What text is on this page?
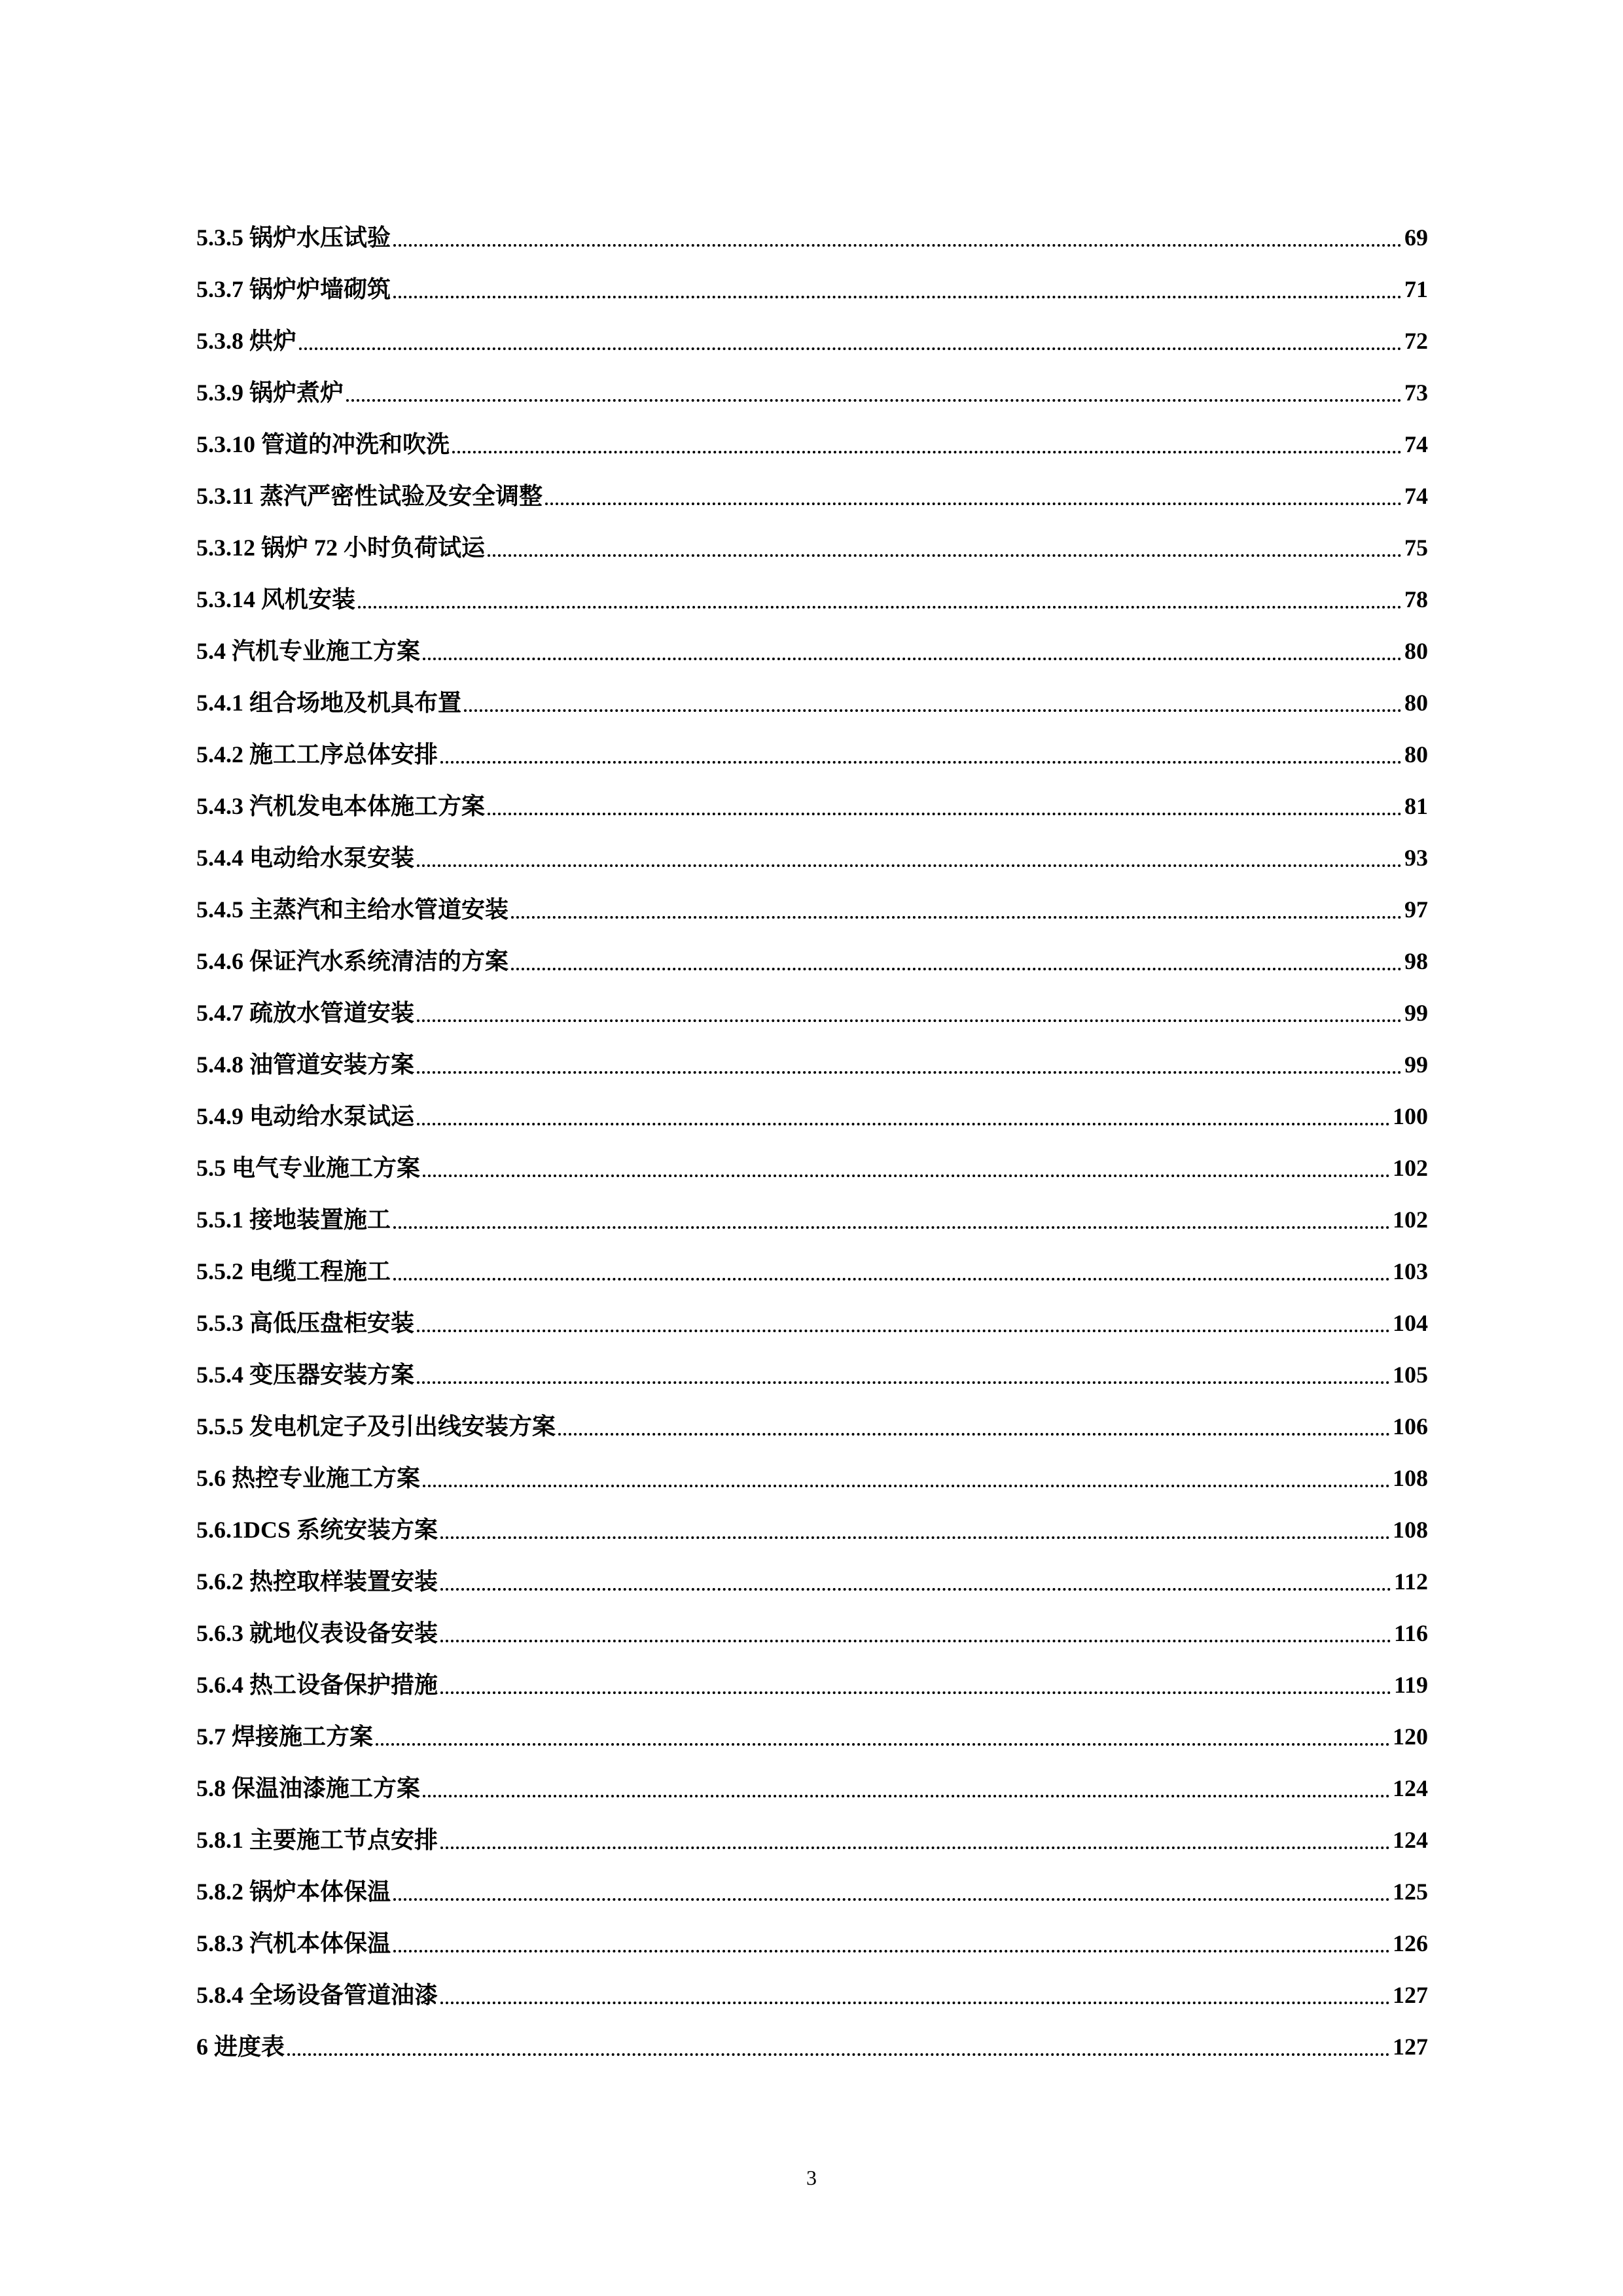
5.3.5 锅炉水压试验	69
5.3.7 锅炉炉墙砌筑	71
5.3.8 烘炉	72
5.3.9 锅炉煮炉	73
5.3.10 管道的冲洗和吹洗	74
5.3.11 蒸汽严密性试验及安全调整	74
5.3.12 锅炉 72 小时负荷试运	75
5.3.14 风机安装	78
5.4 汽机专业施工方案	80
5.4.1 组合场地及机具布置	80
5.4.2 施工工序总体安排	80
5.4.3 汽机发电本体施工方案	81
5.4.4 电动给水泵安装	93
5.4.5 主蒸汽和主给水管道安装	97
5.4.6 保证汽水系统清洁的方案	98
5.4.7 疏放水管道安装	99
5.4.8 油管道安装方案	99
5.4.9 电动给水泵试运	100
5.5 电气专业施工方案	102
5.5.1 接地装置施工	102
5.5.2 电缆工程施工	103
5.5.3 高低压盘柜安装	104
5.5.4 变压器安装方案	105
5.5.5 发电机定子及引出线安装方案	106
5.6 热控专业施工方案	108
5.6.1DCS 系统安装方案	108
5.6.2 热控取样装置安装	112
5.6.3 就地仪表设备安装	116
5.6.4 热工设备保护措施	119
5.7 焊接施工方案	120
5.8 保温油漆施工方案	124
5.8.1 主要施工节点安排	124
5.8.2 锅炉本体保温	125
5.8.3 汽机本体保温	126
5.8.4 全场设备管道油漆	127
6 进度表	127
3
